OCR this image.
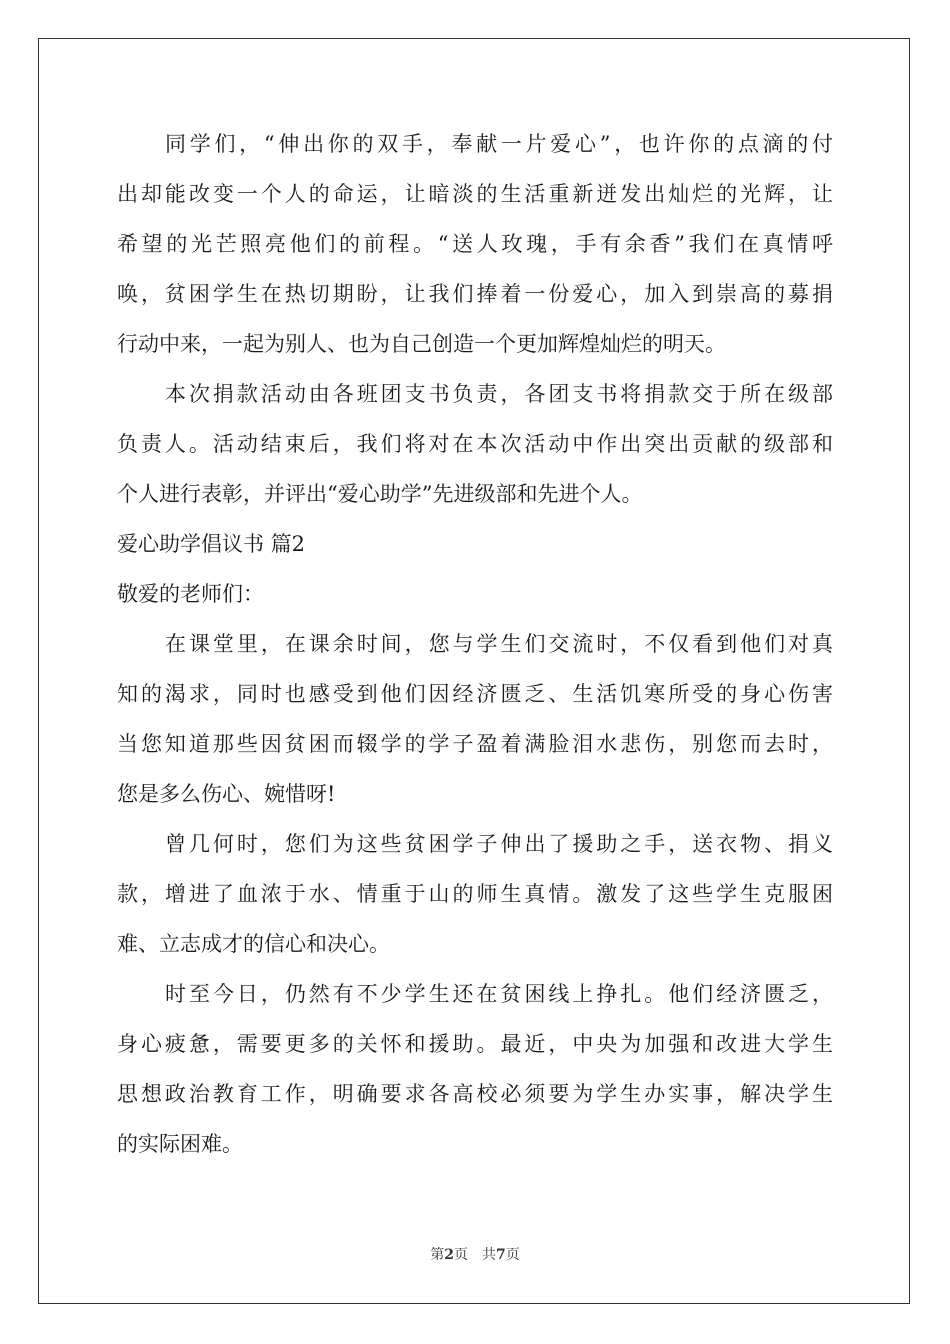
同学们，“伸出你的双手，奉献一片爱心”，也许你的点滴的付
出却能改变一个人的命运，让暗淡的生活重新迸发出灿烂的光辉，让
希望的光芒照亮他们的前程。“送人玫瑰，手有余香”我们在真情呼
唤，贫困学生在热切期盼，让我们捧着一份爱心，加入到崇高的募捐
行动中来，一起为别人、也为自己创造一个更加辉煌灿烂的明天。
本次捐款活动由各班团支书负责，各团支书将捐款交于所在级部
负责人。活动结束后，我们将对在本次活动中作出突出贡献的级部和
个人进行表彰，并评出“爱心助学”先进级部和先进个人。
爱心助学倡议书 篇2
敬爱的老师们：
在课堂里，在课余时间，您与学生们交流时，不仅看到他们对真
知的渴求，同时也感受到他们因经济匮乏、生活饥寒所受的身心伤害
当您知道那些因贫困而辍学的学子盈着满脸泪水悲伤，别您而去时，
您是多么伤心、婉惜呀!
曾几何时，您们为这些贫困学子伸出了援助之手，送衣物、捐义
款，增进了血浓于水、情重于山的师生真情。激发了这些学生克服困
难、立志成才的信心和决心。
时至今日，仍然有不少学生还在贫困线上挣扎。他们经济匮乏，
身心疲惫，需要更多的关怀和援助。最近，中央为加强和改进大学生
思想政治教育工作，明确要求各高校必须要为学生办实事，解决学生
的实际困难。
第2页　共7页
